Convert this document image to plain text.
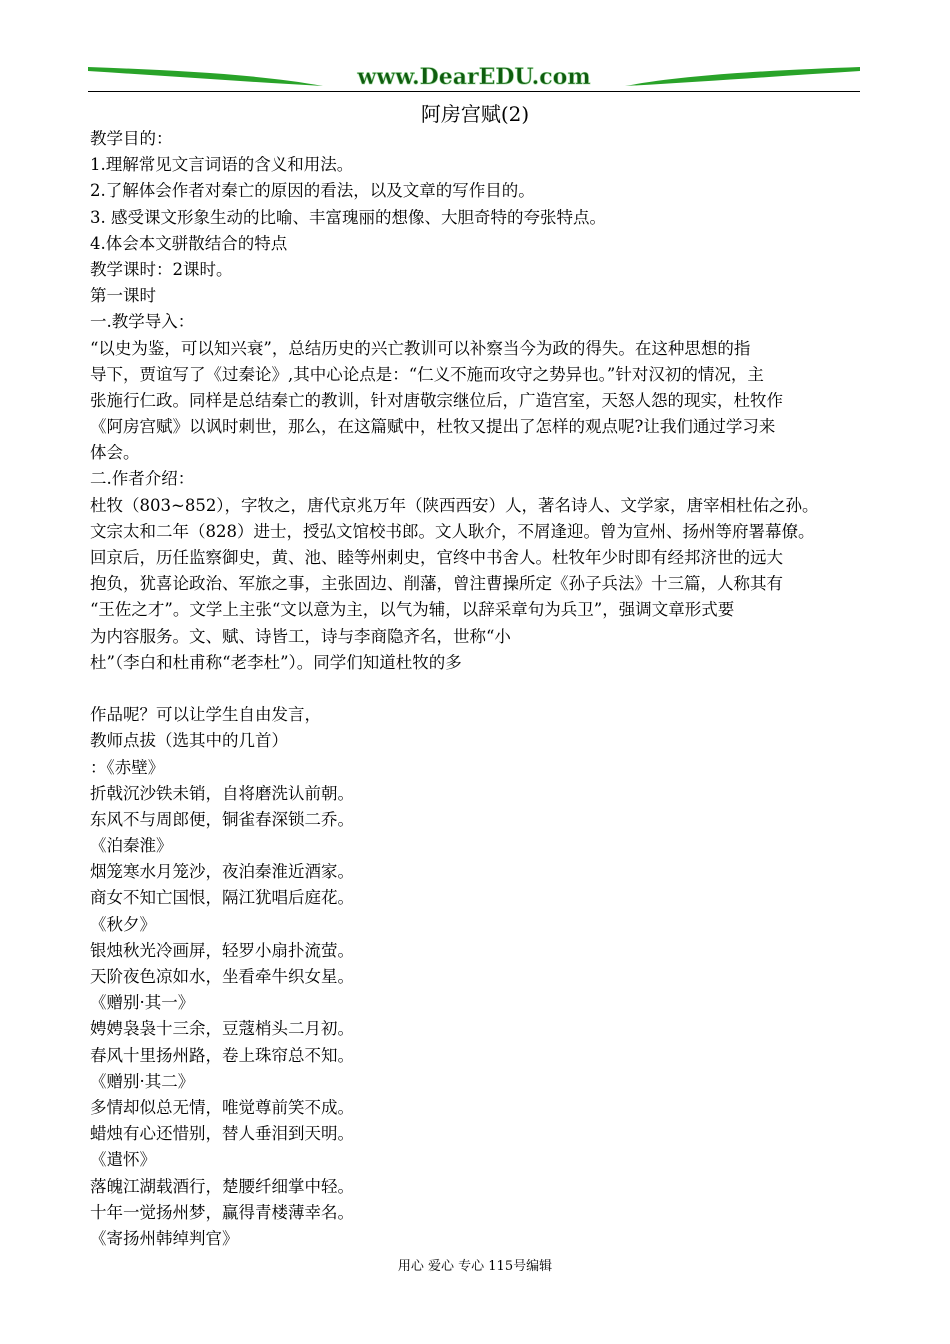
www.DearEDU.com
阿房宫赋(2)
教学目的：
1.理解常见文言词语的含义和用法。
2.了解体会作者对秦亡的原因的看法，以及文章的写作目的。
3. 感受课文形象生动的比喻、丰富瑰丽的想像、大胆奇特的夸张特点。
4.体会本文骈散结合的特点
教学课时：2课时。
第一课时
一.教学导入：
“以史为鉴，可以知兴衰”，总结历史的兴亡教训可以补察当今为政的得失。在这种思想的指
导下，贾谊写了《过秦论》,其中心论点是：“仁义不施而攻守之势异也。”针对汉初的情况，主
张施行仁政。同样是总结秦亡的教训，针对唐敬宗继位后，广造宫室，天怒人怨的现实，杜牧作
《阿房宫赋》以讽时刺世，那么，在这篇赋中，杜牧又提出了怎样的观点呢?让我们通过学习来
体会。
二.作者介绍：
杜牧（803~852），字牧之，唐代京兆万年（陕西西安）人，著名诗人、文学家，唐宰相杜佑之孙。
文宗太和二年（828）进士，授弘文馆校书郎。文人耿介，不屑逢迎。曾为宣州、扬州等府署幕僚。
回京后，历任监察御史，黄、池、睦等州刺史，官终中书舍人。杜牧年少时即有经邦济世的远大
抱负，犹喜论政治、军旅之事，主张固边、削藩，曾注曹操所定《孙子兵法》十三篇，人称其有
“王佐之才”。文学上主张“文以意为主，以气为辅，以辞采章句为兵卫”，强调文章形式要
为内容服务。文、赋、诗皆工，诗与李商隐齐名，世称“小
杜”（李白和杜甫称“老李杜”）。同学们知道杜牧的多
作品呢？可以让学生自由发言，
教师点拔（选其中的几首）
：《赤壁》
折戟沉沙铁未销，自将磨洗认前朝。
东风不与周郎便，铜雀春深锁二乔。
《泊秦淮》
烟笼寒水月笼沙，夜泊秦淮近酒家。
商女不知亡国恨，隔江犹唱后庭花。
《秋夕》
银烛秋光冷画屏，轻罗小扇扑流萤。
天阶夜色凉如水，坐看牵牛织女星。
《赠别·其一》
娉娉袅袅十三余，豆蔻梢头二月初。
春风十里扬州路，卷上珠帘总不知。
《赠别·其二》
多情却似总无情，唯觉尊前笑不成。
蜡烛有心还惜别，替人垂泪到天明。
《遣怀》
落魄江湖载酒行，楚腰纤细掌中轻。
十年一觉扬州梦，赢得青楼薄幸名。
《寄扬州韩绰判官》
用心 爱心 专心 115号编辑
